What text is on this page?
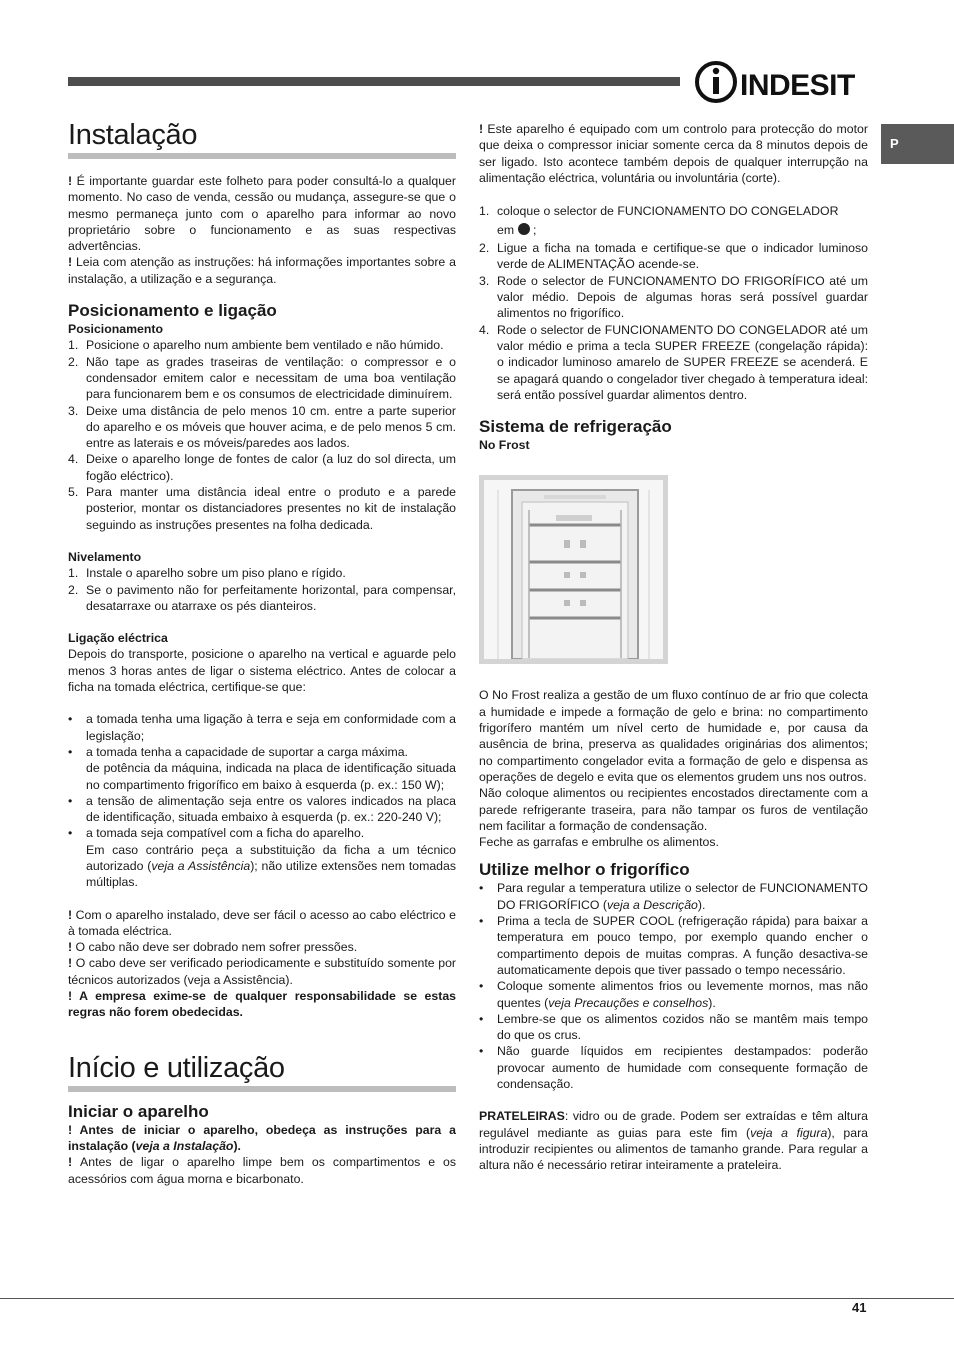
INDESIT
P
Instalação

! É importante guardar este folheto para poder consultá-lo a qualquer momento. No caso de venda, cessão ou mudança, assegure-se que o mesmo permaneça junto com o aparelho para informar ao novo proprietário sobre o funcionamento e as suas respectivas advertências.
! Leia com atenção as instruções: há informações importantes sobre a instalação, a utilização e a segurança.

Posicionamento e ligação
Posicionamento
1. Posicione o aparelho num ambiente bem ventilado e não húmido.
2. Não tape as grades traseiras de ventilação: o compressor e o condensador emitem calor e necessitam de uma boa ventilação para funcionarem bem e os consumos de electricidade diminuírem.
3. Deixe uma distância de pelo menos 10 cm. entre a parte superior do aparelho e os móveis que houver acima, e de pelo menos 5 cm. entre as laterais e os móveis/paredes aos lados.
4. Deixe o aparelho longe de fontes de calor (a luz do sol directa, um fogão eléctrico).
5. Para manter uma distância ideal entre o produto e a parede posterior, montar os distanciadores presentes no kit de instalação seguindo as instruções presentes na folha dedicada.
Nivelamento
1. Instale o aparelho sobre um piso plano e rígido.
2. Se o pavimento não for perfeitamente horizontal, para compensar, desatarraxe ou atarraxe os pés dianteiros.
Ligação eléctrica

Depois do transporte, posicione o aparelho na vertical e aguarde pelo menos 3 horas antes de ligar o sistema eléctrico. Antes de colocar a ficha na tomada eléctrica, certifique-se que:

• a tomada tenha uma ligação à terra e seja em conformidade com a legislação;
• a tomada tenha a capacidade de suportar a carga máxima.
de potência da máquina, indicada na placa de identificação situada no compartimento frigorífico em baixo à esquerda (p. ex.: 150 W);
• a tensão de alimentação seja entre os valores indicados na placa de identificação, situada embaixo à esquerda (p. ex.: 220-240 V);
• a tomada seja compatível com a ficha do aparelho.
Em caso contrário peça a substituição da ficha a um técnico autorizado (veja a Assistência); não utilize extensões nem tomadas múltiplas.

! Com o aparelho instalado, deve ser fácil o acesso ao cabo eléctrico e à tomada eléctrica.
! O cabo não deve ser dobrado nem sofrer pressões.
! O cabo deve ser verificado periodicamente e substituído somente por técnicos autorizados (veja a Assistência).
! A empresa exime-se de qualquer responsabilidade se estas regras não forem obedecidas.

Início e utilização
Iniciar o aparelho

! Antes de iniciar o aparelho, obedeça as instruções para a instalação (veja a Instalação).
! Antes de ligar o aparelho limpe bem os compartimentos e os acessórios com água morna e bicarbonato.

! Este aparelho é equipado com um controlo para protecção do motor que deixa o compressor iniciar somente cerca da 8 minutos depois de ser ligado. Isto acontece também depois de qualquer interrupção na alimentação eléctrica, voluntária ou involuntária (corte).

1. coloque o selector de FUNCIONAMENTO DO CONGELADOR
em ;
2. Ligue a ficha na tomada e certifique-se que o indicador luminoso verde de ALIMENTAÇÃO acende-se.
3. Rode o selector de FUNCIONAMENTO DO FRIGORÍFICO até um valor médio. Depois de algumas horas será possível guardar alimentos no frigorífico.
4. Rode o selector de FUNCIONAMENTO DO CONGELADOR até um valor médio e prima a tecla SUPER FREEZE (congelação rápida): o indicador luminoso amarelo de SUPER FREEZE se acenderá. E se apagará quando o congelador tiver chegado à temperatura ideal: será então possível guardar alimentos dentro.
Sistema de refrigeração
No Frost

O No Frost realiza a gestão de um fluxo contínuo de ar frio que colecta a humidade e impede a formação de gelo e brina: no compartimento frigorífero mantém um nível certo de humidade e, por causa da ausência de brina, preserva as qualidades originárias dos alimentos; no compartimento congelador evita a formação de gelo e dispensa as operações de degelo e evita que os elementos grudem uns nos outros.
Não coloque alimentos ou recipientes encostados directamente com a parede refrigerante traseira, para não tampar os furos de ventilação nem facilitar a formação de condensação.
Feche as garrafas e embrulhe os alimentos.

Utilize melhor o frigorífico
• Para regular a temperatura utilize o selector de FUNCIONAMENTO DO FRIGORÍFICO (veja a Descrição).
• Prima a tecla de SUPER COOL (refrigeração rápida) para baixar a temperatura em pouco tempo, por exemplo quando encher o compartimento depois de muitas compras. A função desactiva-se automaticamente depois que tiver passado o tempo necessário.
• Coloque somente alimentos frios ou levemente mornos, mas não quentes (veja Precauções e conselhos).
• Lembre-se que os alimentos cozidos não se mantêm mais tempo do que os crus.
• Não guarde líquidos em recipientes destampados: poderão provocar aumento de humidade com consequente formação de condensação.

PRATELEIRAS: vidro ou de grade. Podem ser extraídas e têm altura regulável mediante as guias para este fim (veja a figura), para introduzir recipientes ou alimentos de tamanho grande. Para regular a altura não é necessário retirar inteiramente a prateleira.

41
